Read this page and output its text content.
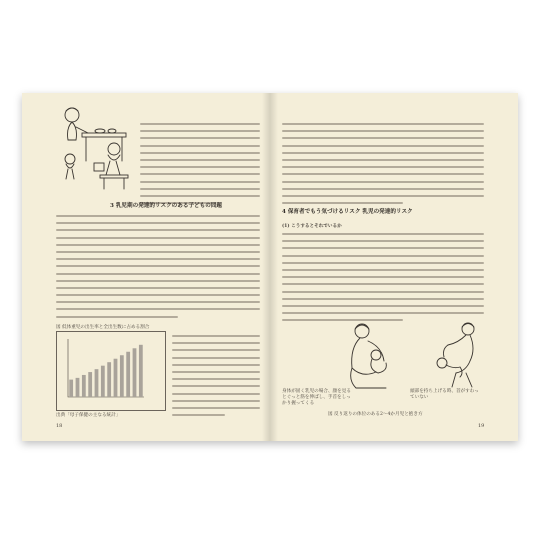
3 乳児期の発達的リスクのある子どもの問題
図 低体重児の出生率と全出生数に占める割合
出典「母子保健の主なる統計」
18
4 保育者でもう気づけるリスク 乳児の発達的リスク
(1) こうするとそれでいるか
身体が固く乳児の場合、顔を見るとぐっと筋を伸ばし、手首をしっかり握ってくる
頭部を持ち上げる時、首がすわっていない
図 反り返りの体位のある2〜4か月児と抱き方
19
